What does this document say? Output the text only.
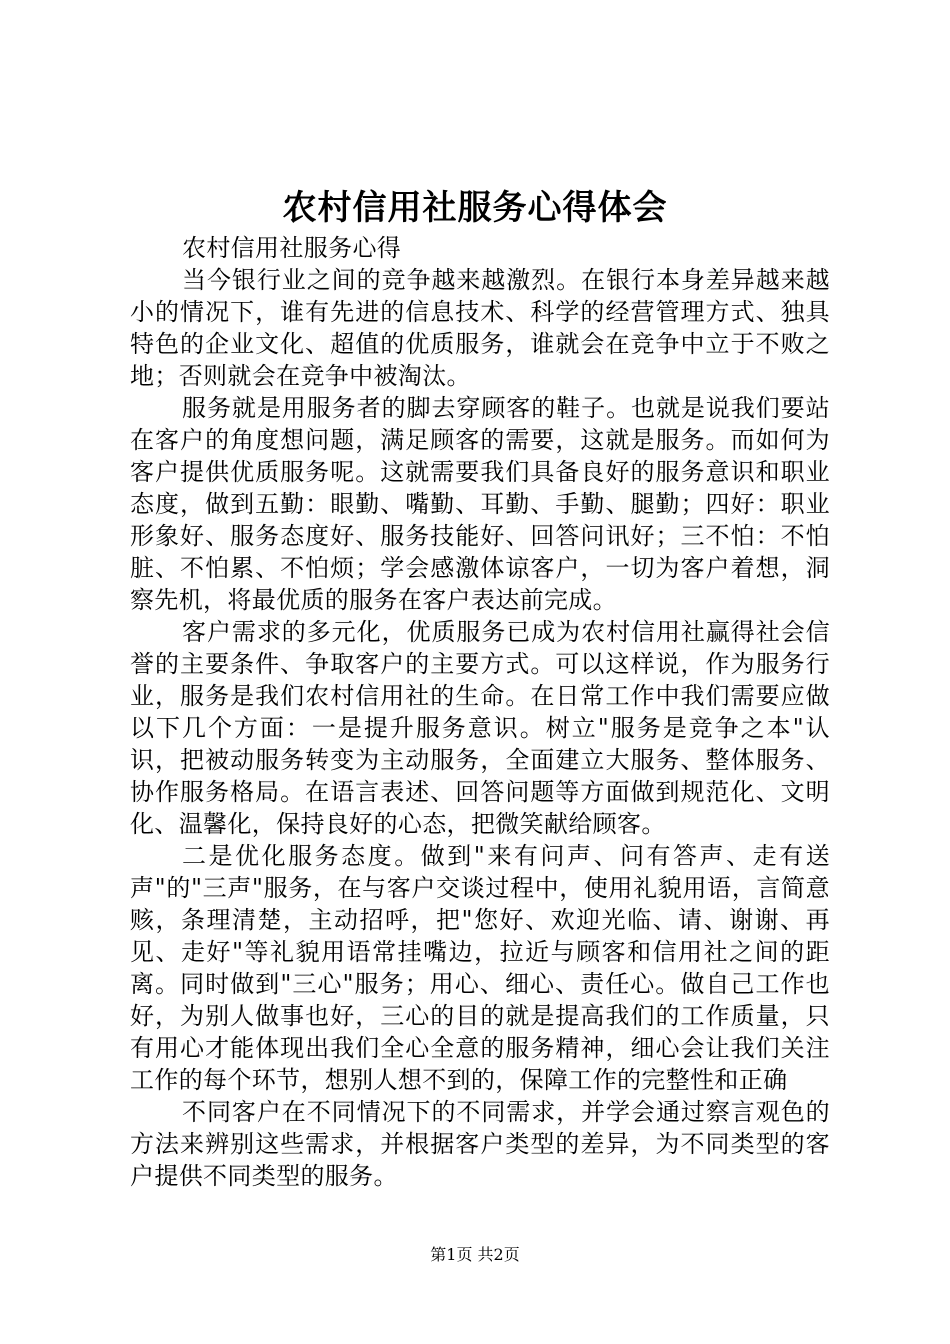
农村信用社服务心得体会

农村信用社服务心得

当今银行业之间的竞争越来越激烈。在银行本身差异越来越小的情况下，谁有先进的信息技术、科学的经营管理方式、独具特色的企业文化、超值的优质服务，谁就会在竞争中立于不败之地；否则就会在竞争中被淘汰。

服务就是用服务者的脚去穿顾客的鞋子。也就是说我们要站在客户的角度想问题，满足顾客的需要，这就是服务。而如何为客户提供优质服务呢。这就需要我们具备良好的服务意识和职业态度，做到五勤：眼勤、嘴勤、耳勤、手勤、腿勤；四好：职业形象好、服务态度好、服务技能好、回答问讯好；三不怕：不怕脏、不怕累、不怕烦；学会感激体谅客户，一切为客户着想，洞察先机，将最优质的服务在客户表达前完成。

客户需求的多元化，优质服务已成为农村信用社赢得社会信誉的主要条件、争取客户的主要方式。可以这样说，作为服务行业，服务是我们农村信用社的生命。在日常工作中我们需要应做以下几个方面：一是提升服务意识。树立"服务是竞争之本"认识，把被动服务转变为主动服务，全面建立大服务、整体服务、协作服务格局。在语言表述、回答问题等方面做到规范化、文明化、温馨化，保持良好的心态，把微笑献给顾客。

二是优化服务态度。做到"来有问声、问有答声、走有送声"的"三声"服务，在与客户交谈过程中，使用礼貌用语，言简意赅，条理清楚，主动招呼，把"您好、欢迎光临、请、谢谢、再见、走好"等礼貌用语常挂嘴边，拉近与顾客和信用社之间的距离。同时做到"三心"服务；用心、细心、责任心。做自己工作也好，为别人做事也好，三心的目的就是提高我们的工作质量，只有用心才能体现出我们全心全意的服务精神，细心会让我们关注工作的每个环节，想别人想不到的，保障工作的完整性和正确

不同客户在不同情况下的不同需求，并学会通过察言观色的方法来辨别这些需求，并根据客户类型的差异，为不同类型的客户提供不同类型的服务。

第1页 共2页
